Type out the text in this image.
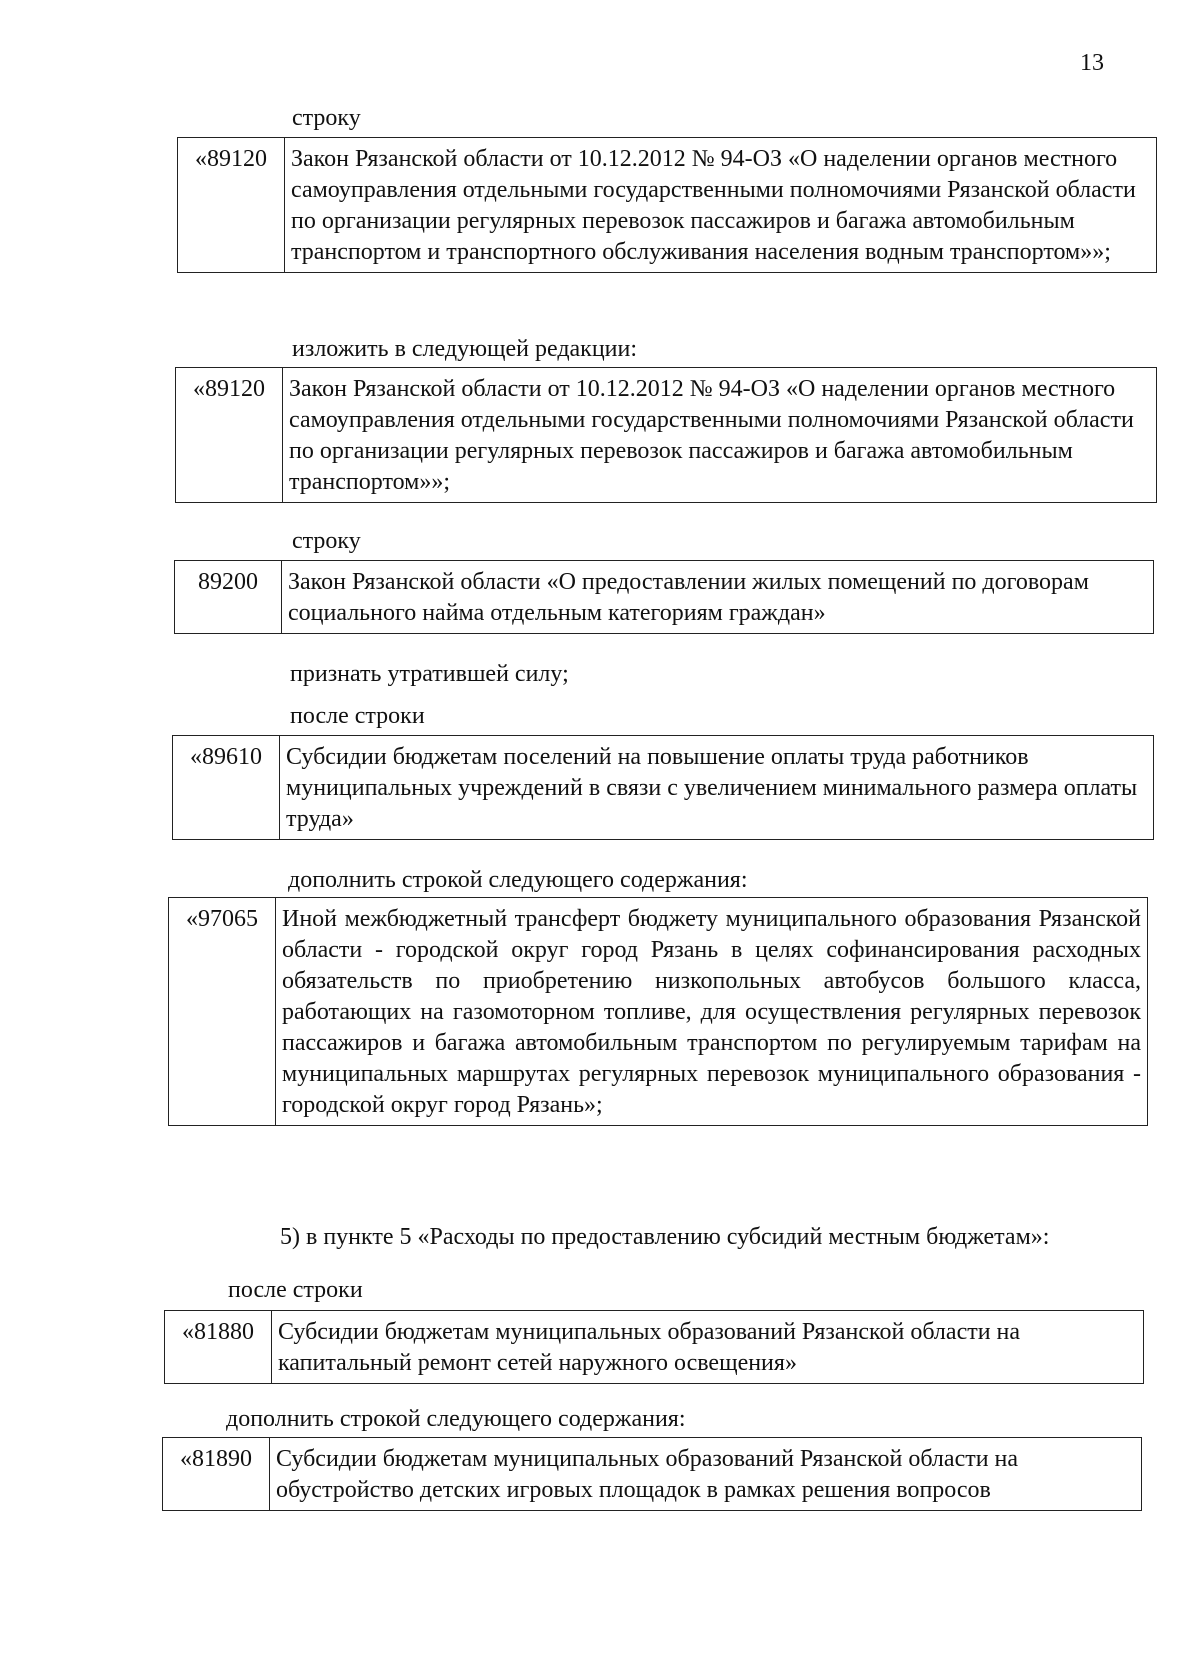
13
строку
«89120	Закон Рязанской области от 10.12.2012 № 94-ОЗ «О наделении органов местного самоуправления отдельными государственными полномочиями Рязанской области по организации регулярных перевозок пассажиров и багажа автомобильным транспортом и транспортного обслуживания населения водным транспортом»»;
изложить в следующей редакции:
«89120	Закон Рязанской области от 10.12.2012 № 94-ОЗ «О наделении органов местного самоуправления отдельными государственными полномочиями Рязанской области по организации регулярных перевозок пассажиров и багажа автомобильным транспортом»»;
строку
89200	Закон Рязанской области «О предоставлении жилых помещений по договорам социального найма отдельным категориям граждан»
признать утратившей силу;
после строки
«89610	Субсидии бюджетам поселений на повышение оплаты труда работников муниципальных учреждений в связи с увеличением минимального размера оплаты труда»
дополнить строкой следующего содержания:
«97065	Иной межбюджетный трансферт бюджету муниципального образования Рязанской области - городской округ город Рязань в целях софинансирования расходных обязательств по приобретению низкопольных автобусов большого класса, работающих на газомоторном топливе, для осуществления регулярных перевозок пассажиров и багажа автомобильным транспортом по регулируемым тарифам на муниципальных маршрутах регулярных перевозок муниципального образования - городской округ город Рязань»;
5) в пункте 5 «Расходы по предоставлению субсидий местным бюджетам»:
после строки
«81880	Субсидии бюджетам муниципальных образований Рязанской области на капитальный ремонт сетей наружного освещения»
дополнить строкой следующего содержания:
«81890	Субсидии бюджетам муниципальных образований Рязанской области на обустройство детских игровых площадок в рамках решения вопросов
